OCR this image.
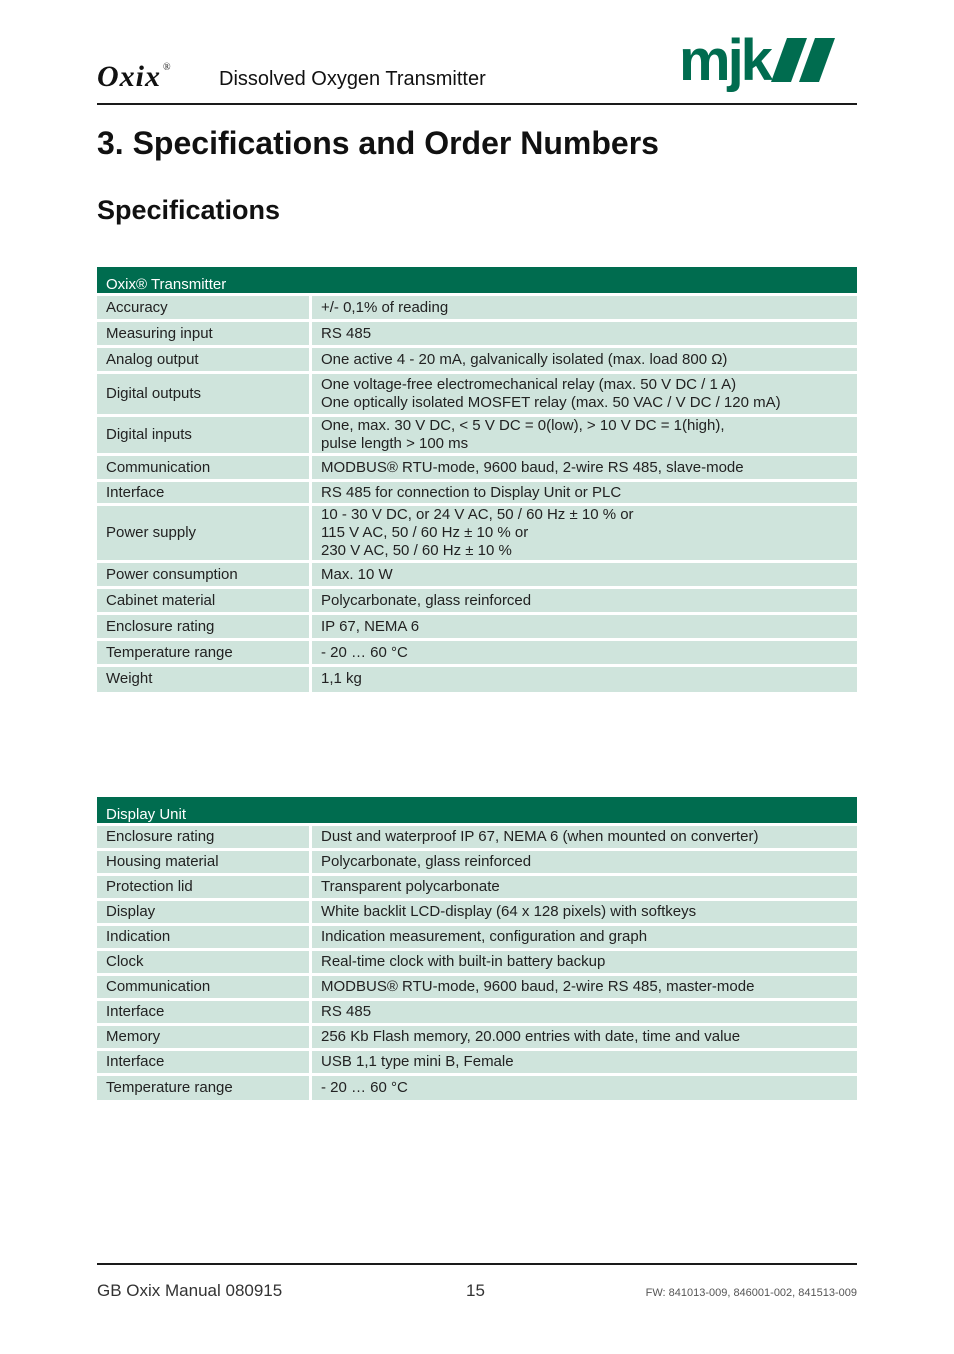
Oxix ®
Dissolved Oxygen Transmitter	mjk
3. Specifications and Order Numbers
Specifications
Oxix® Transmitter	
Accuracy	+/- 0,1% of reading
Measuring input	RS 485
Analog output	One active 4 - 20 mA, galvanically isolated (max. load 800 Ω)
Digital outputs	One voltage-free electromechanical relay (max. 50 V DC / 1 A)
One optically isolated MOSFET relay (max. 50 VAC / V DC / 120 mA)
Digital inputs	One, max. 30 V DC, < 5 V DC = 0(low), > 10 V DC = 1(high),
pulse length > 100 ms
Communication	MODBUS® RTU-mode, 9600 baud, 2-wire RS 485, slave-mode
Interface	RS 485 for connection to Display Unit or PLC
Power supply	10 - 30 V DC, or 24 V AC, 50 / 60 Hz ± 10 % or
115 V AC, 50 / 60 Hz ± 10 % or
230 V AC, 50 / 60 Hz ± 10 %
Power consumption	Max. 10 W
Cabinet material	Polycarbonate, glass reinforced
Enclosure rating	IP 67, NEMA 6
Temperature range	- 20 … 60 °C
Weight	1,1 kg
Display Unit	
Enclosure rating	Dust and waterproof IP 67, NEMA 6 (when mounted on converter)
Housing material	Polycarbonate, glass reinforced
Protection lid	Transparent polycarbonate
Display	White backlit LCD-display (64 x 128 pixels) with softkeys
Indication	Indication measurement, configuration and graph
Clock	Real-time clock with built-in battery backup
Communication	MODBUS® RTU-mode, 9600 baud, 2-wire RS 485, master-mode
Interface	RS 485
Memory	256 Kb Flash memory, 20.000 entries with date, time and value
Interface	USB 1,1 type mini B, Female
Temperature range	- 20 … 60 °C
GB Oxix Manual 080915	15	FW: 841013-009, 846001-002, 841513-009
